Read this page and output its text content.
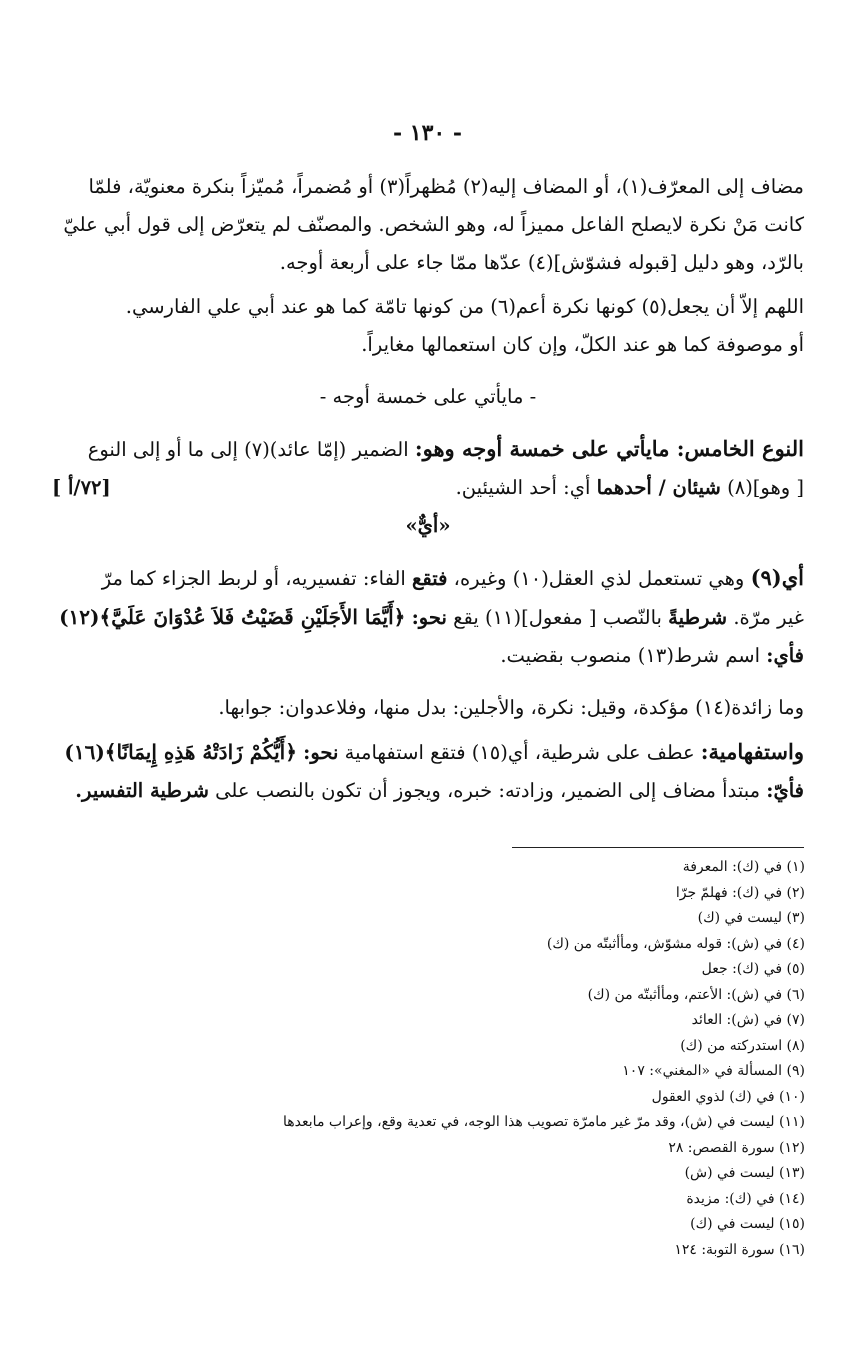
- ١٣٠ -

مضاف إلى المعرّف(١)، أو المضاف إليه(٢) مُظهراً(٣) أو مُضمراً، مُميّزاً بنكرة معنويّة، فلمّا

كانت مَنْ نكرة لايصلح الفاعل مميزاً له، وهو الشخص. والمصنّف لم يتعرّض إلى قول أبي عليّ

بالرّد، وهو دليل [قبوله فشوّش](٤) عدّها ممّا جاء على أربعة أوجه.

اللهم إلاّ أن يجعل(٥) كونها نكرة أعم(٦) من كونها تامّة كما هو عند أبي علي الفارسي.

أو موصوفة كما هو عند الكلّ، وإن كان استعمالها مغايراً.

- مايأتي على خمسة أوجه -

النوع الخامس: مايأتي على خمسة أوجه وهو: الضمير (إمّا عائد)(٧) إلى ما أو إلى النوع

[ وهو](٨) شيئان / أحدهما أي: أحد الشيئين.
[ ٧٢/أ]

«أيٌّ»

أي(٩) وهي تستعمل لذي العقل(١٠) وغيره، فتقع الفاء: تفسيريه، أو لربط الجزاء كما مرّ

غير مرّة. شرطيةً بالنّصب [ مفعول](١١) يقع نحو: ﴿أَيَّمَا الأَجَلَيْنِ قَضَيْتُ فَلاَ عُدْوَانَ عَلَيَّ﴾(١٢)

فأي: اسم شرط(١٣) منصوب بقضيت.

وما زائدة(١٤) مؤكدة، وقيل: نكرة، والأجلين: بدل منها، وفلاعدوان: جوابها.

واستفهامية: عطف على شرطية، أي(١٥) فتقع استفهامية نحو: ﴿أَيُّكُمْ زَادَتْهُ هَذِهِ إِيمَانًا﴾(١٦)

فأيّ: مبتدأ مضاف إلى الضمير، وزادته: خبره، ويجوز أن تكون بالنصب على شرطية التفسير.

(١) في (ك): المعرفة
(٢) في (ك): فهلمّ جرّا
(٣) ليست في (ك)
(٤) في (ش): قوله مشوّش، ومأأثبتّه من (ك)
(٥) في (ك): جعل
(٦) في (ش): الأعتم، ومأأثبتّه من (ك)
(٧) في (ش): العائد
(٨) استدركته من (ك)
(٩) المسألة في «المغني»: ١٠٧
(١٠) في (ك) لذوي العقول
(١١) ليست في (ش)، وقد مرّ غير مامرّة تصويب هذا الوجه، في تعدية وقع، وإعراب مابعدها
(١٢) سورة القصص: ٢٨
(١٣) ليست في (ش)
(١٤) في (ك): مزيدة
(١٥) ليست في (ك)
(١٦) سورة التوبة: ١٢٤
